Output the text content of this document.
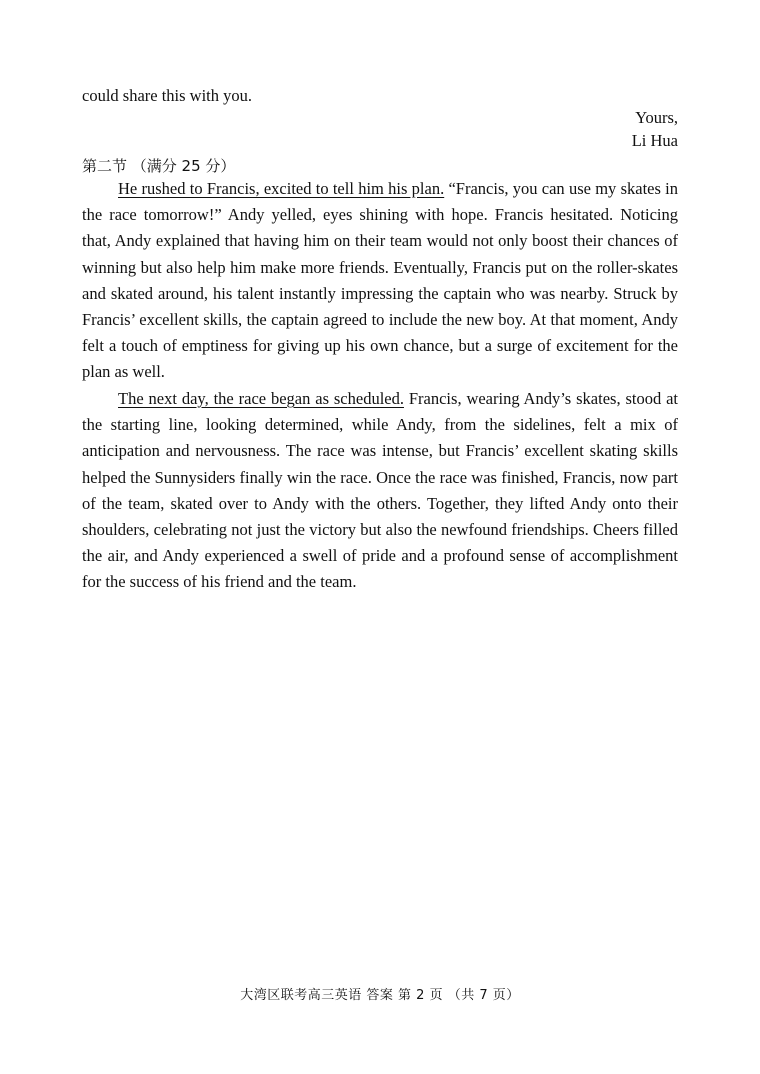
could share this with you.
Yours,
Li Hua
第二节 （满分 25 分）

He rushed to Francis, excited to tell him his plan. “Francis, you can use my skates in the race tomorrow!” Andy yelled, eyes shining with hope. Francis hesitated. Noticing that, Andy explained that having him on their team would not only boost their chances of winning but also help him make more friends. Eventually, Francis put on the roller-skates and skated around, his talent instantly impressing the captain who was nearby. Struck by Francis’ excellent skills, the captain agreed to include the new boy. At that moment, Andy felt a touch of emptiness for giving up his own chance, but a surge of excitement for the plan as well.

The next day, the race began as scheduled. Francis, wearing Andy’s skates, stood at the starting line, looking determined, while Andy, from the sidelines, felt a mix of anticipation and nervousness. The race was intense, but Francis’ excellent skating skills helped the Sunnysiders finally win the race. Once the race was finished, Francis, now part of the team, skated over to Andy with the others. Together, they lifted Andy onto their shoulders, celebrating not just the victory but also the newfound friendships. Cheers filled the air, and Andy experienced a swell of pride and a profound sense of accomplishment for the success of his friend and the team.

大湾区联考高三英语 答案 第 2 页 （共 7 页）
